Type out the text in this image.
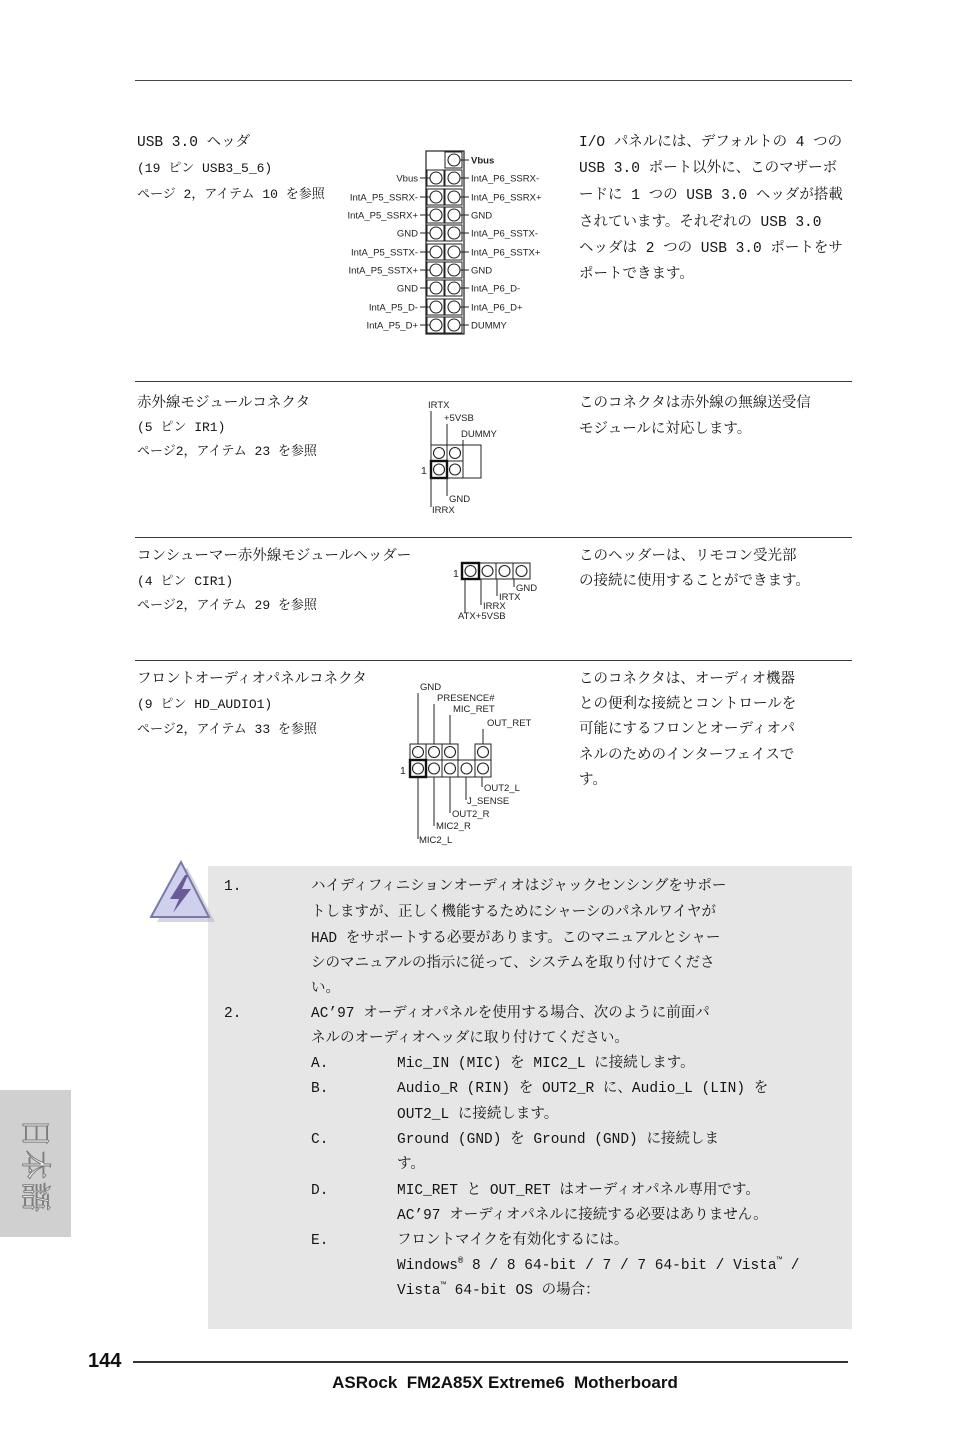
USB 3.0 ヘッダ
(19 ピン USB3_5_6)
ページ 2，アイテム 10 を参照
I/O パネルには、デフォルトの 4 つの
USB 3.0 ポート以外に、このマザーボ
ードに 1 つの USB 3.0 ヘッダが搭載
されています。それぞれの USB 3.0
ヘッダは 2 つの USB 3.0 ポートをサ
ポートできます。
赤外線モジュールコネクタ
(5 ピン IR1)
ページ2，アイテム 23 を参照
このコネクタは赤外線の無線送受信
モジュールに対応します。
コンシューマー赤外線モジュールヘッダー
(4 ピン CIR1)
ページ2，アイテム 29 を参照
このヘッダーは、リモコン受光部
の接続に使用することができます。
フロントオーディオパネルコネクタ
(9 ピン HD_AUDIO1)
ページ2，アイテム 33 を参照
このコネクタは、オーディオ機器
との便利な接続とコントロールを
可能にするフロンとオーディオパ
ネルのためのインターフェイスで
す。
1.	ハイディフィニションオーディオはジャックセンシングをサポー
トしますが、正しく機能するためにシャーシのパネルワイヤが
HAD をサポートする必要があります。このマニュアルとシャー
シのマニュアルの指示に従って、システムを取り付けてくださ
い。
2.	AC’97 オーディオパネルを使用する場合、次のように前面パ
ネルのオーディオヘッダに取り付けてください。
A.	Mic_IN (MIC) を MIC2_L に接続します。
B.	Audio_R (RIN) を OUT2_R に、Audio_L (LIN) を
OUT2_L に接続します。
C.	Ground (GND) を Ground (GND) に接続しま
す。
D.	MIC_RET と OUT_RET はオーディオパネル専用です。
AC’97 オーディオパネルに接続する必要はありません。
E.	フロントマイクを有効化するには。
Windows® 8 / 8 64-bit / 7 / 7 64-bit / Vista™ /
Vista™ 64-bit OS の場合：
日本語
144
ASRock  FM2A85X Extreme6  Motherboard
Vbus
IntA_P6_SSRX-
IntA_P6_SSRX+
GND
IntA_P6_SSTX-
IntA_P6_SSTX+
GND
IntA_P6_D-
IntA_P6_D+
DUMMY
Vbus
IntA_P5_SSRX-
IntA_P5_SSRX+
GND
IntA_P5_SSTX-
IntA_P5_SSTX+
GND
IntA_P5_D-
IntA_P5_D+
IRTX
+5VSB
DUMMY
1
GND
IRRX
1
GND
IRTX
IRRX
ATX+5VSB
GND
PRESENCE#
MIC_RET
OUT_RET
1
OUT2_L
J_SENSE
OUT2_R
MIC2_R
MIC2_L
